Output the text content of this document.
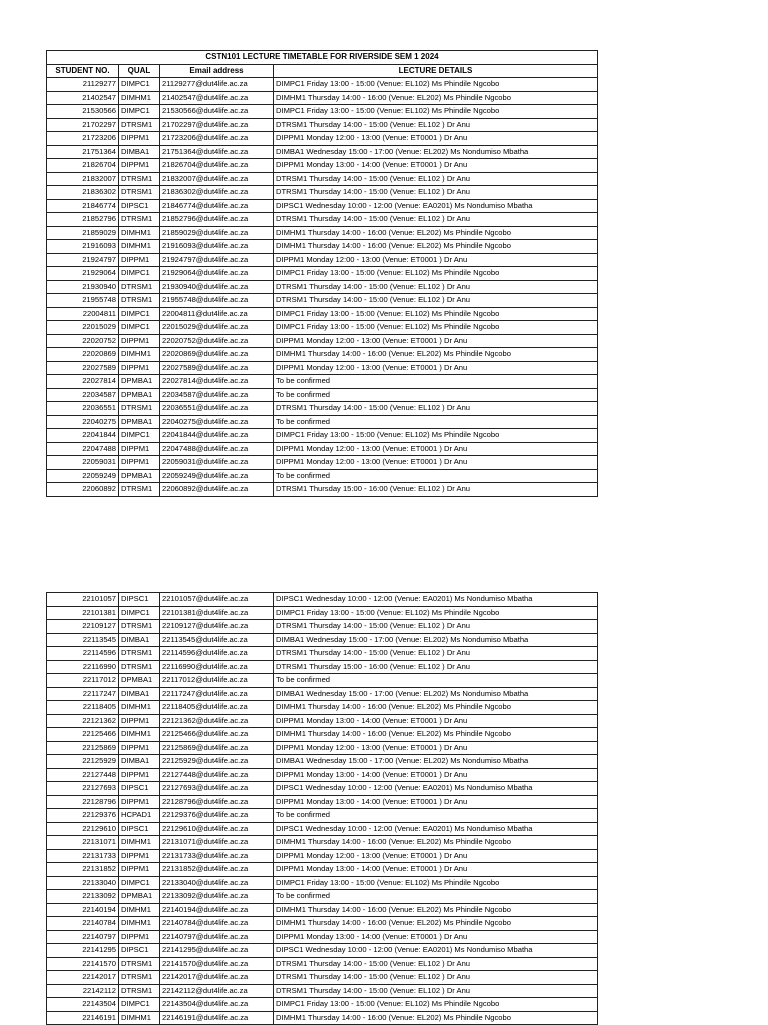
CSTN101 LECTURE TIMETABLE FOR RIVERSIDE SEM 1 2024			
STUDENT NO.	QUAL	Email address	LECTURE DETAILS
21129277	DIMPC1	21129277@dut4life.ac.za	DIMPC1 Friday 13:00 - 15:00 (Venue: EL102) Ms Phindile Ngcobo
21402547	DIMHM1	21402547@dut4life.ac.za	DIMHM1 Thursday 14:00 - 16:00 (Venue: EL202) Ms Phindile Ngcobo
21530566	DIMPC1	21530566@dut4life.ac.za	DIMPC1 Friday 13:00 - 15:00 (Venue: EL102) Ms Phindile Ngcobo
21702297	DTRSM1	21702297@dut4life.ac.za	DTRSM1 Thursday 14:00 - 15:00 (Venue: EL102 ) Dr Anu
21723206	DIPPM1	21723206@dut4life.ac.za	DIPPM1 Monday 12:00 - 13:00 (Venue: ET0001 ) Dr Anu
21751364	DIMBA1	21751364@dut4life.ac.za	DIMBA1 Wednesday 15:00 - 17:00 (Venue: EL202) Ms Nondumiso Mbatha
21826704	DIPPM1	21826704@dut4life.ac.za	DIPPM1 Monday 13:00 - 14:00 (Venue: ET0001 ) Dr Anu
21832007	DTRSM1	21832007@dut4life.ac.za	DTRSM1 Thursday 14:00 - 15:00 (Venue: EL102 ) Dr Anu
21836302	DTRSM1	21836302@dut4life.ac.za	DTRSM1 Thursday 14:00 - 15:00 (Venue: EL102 ) Dr Anu
21846774	DIPSC1	21846774@dut4life.ac.za	DIPSC1 Wednesday 10:00 - 12:00 (Venue: EA0201) Ms Nondumiso Mbatha
21852796	DTRSM1	21852796@dut4life.ac.za	DTRSM1 Thursday 14:00 - 15:00 (Venue: EL102 ) Dr Anu
21859029	DIMHM1	21859029@dut4life.ac.za	DIMHM1 Thursday 14:00 - 16:00 (Venue: EL202) Ms Phindile Ngcobo
21916093	DIMHM1	21916093@dut4life.ac.za	DIMHM1 Thursday 14:00 - 16:00 (Venue: EL202) Ms Phindile Ngcobo
21924797	DIPPM1	21924797@dut4life.ac.za	DIPPM1 Monday 12:00 - 13:00 (Venue: ET0001 ) Dr Anu
21929064	DIMPC1	21929064@dut4life.ac.za	DIMPC1 Friday 13:00 - 15:00 (Venue: EL102) Ms Phindile Ngcobo
21930940	DTRSM1	21930940@dut4life.ac.za	DTRSM1 Thursday 14:00 - 15:00 (Venue: EL102 ) Dr Anu
21955748	DTRSM1	21955748@dut4life.ac.za	DTRSM1 Thursday 14:00 - 15:00 (Venue: EL102 ) Dr Anu
22004811	DIMPC1	22004811@dut4life.ac.za	DIMPC1 Friday 13:00 - 15:00 (Venue: EL102) Ms Phindile Ngcobo
22015029	DIMPC1	22015029@dut4life.ac.za	DIMPC1 Friday 13:00 - 15:00 (Venue: EL102) Ms Phindile Ngcobo
22020752	DIPPM1	22020752@dut4life.ac.za	DIPPM1 Monday 12:00 - 13:00 (Venue: ET0001 ) Dr Anu
22020869	DIMHM1	22020869@dut4life.ac.za	DIMHM1 Thursday 14:00 - 16:00 (Venue: EL202) Ms Phindile Ngcobo
22027589	DIPPM1	22027589@dut4life.ac.za	DIPPM1 Monday 12:00 - 13:00 (Venue: ET0001 ) Dr Anu
22027814	DPMBA1	22027814@dut4life.ac.za	To be confirmed
22034587	DPMBA1	22034587@dut4life.ac.za	To be confirmed
22036551	DTRSM1	22036551@dut4life.ac.za	DTRSM1 Thursday 14:00 - 15:00 (Venue: EL102 ) Dr Anu
22040275	DPMBA1	22040275@dut4life.ac.za	To be confirmed
22041844	DIMPC1	22041844@dut4life.ac.za	DIMPC1 Friday 13:00 - 15:00 (Venue: EL102) Ms Phindile Ngcobo
22047488	DIPPM1	22047488@dut4life.ac.za	DIPPM1 Monday 12:00 - 13:00 (Venue: ET0001 ) Dr Anu
22059031	DIPPM1	22059031@dut4life.ac.za	DIPPM1 Monday 12:00 - 13:00 (Venue: ET0001 ) Dr Anu
22059249	DPMBA1	22059249@dut4life.ac.za	To be confirmed
22060892	DTRSM1	22060892@dut4life.ac.za	DTRSM1 Thursday 15:00 - 16:00 (Venue: EL102 ) Dr Anu
22101057	DIPSC1	22101057@dut4life.ac.za	DIPSC1 Wednesday 10:00 - 12:00 (Venue: EA0201) Ms Nondumiso Mbatha
22101381	DIMPC1	22101381@dut4life.ac.za	DIMPC1 Friday 13:00 - 15:00 (Venue: EL102) Ms Phindile Ngcobo
22109127	DTRSM1	22109127@dut4life.ac.za	DTRSM1 Thursday 14:00 - 15:00 (Venue: EL102 ) Dr Anu
22113545	DIMBA1	22113545@dut4life.ac.za	DIMBA1 Wednesday 15:00 - 17:00 (Venue: EL202) Ms Nondumiso Mbatha
22114596	DTRSM1	22114596@dut4life.ac.za	DTRSM1 Thursday 14:00 - 15:00 (Venue: EL102 ) Dr Anu
22116990	DTRSM1	22116990@dut4life.ac.za	DTRSM1 Thursday 15:00 - 16:00 (Venue: EL102 ) Dr Anu
22117012	DPMBA1	22117012@dut4life.ac.za	To be confirmed
22117247	DIMBA1	22117247@dut4life.ac.za	DIMBA1 Wednesday 15:00 - 17:00 (Venue: EL202) Ms Nondumiso Mbatha
22118405	DIMHM1	22118405@dut4life.ac.za	DIMHM1 Thursday 14:00 - 16:00 (Venue: EL202) Ms Phindile Ngcobo
22121362	DIPPM1	22121362@dut4life.ac.za	DIPPM1 Monday 13:00 - 14:00 (Venue: ET0001 ) Dr Anu
22125466	DIMHM1	22125466@dut4life.ac.za	DIMHM1 Thursday 14:00 - 16:00 (Venue: EL202) Ms Phindile Ngcobo
22125869	DIPPM1	22125869@dut4life.ac.za	DIPPM1 Monday 12:00 - 13:00 (Venue: ET0001 ) Dr Anu
22125929	DIMBA1	22125929@dut4life.ac.za	DIMBA1 Wednesday 15:00 - 17:00 (Venue: EL202) Ms Nondumiso Mbatha
22127448	DIPPM1	22127448@dut4life.ac.za	DIPPM1 Monday 13:00 - 14:00 (Venue: ET0001 ) Dr Anu
22127693	DIPSC1	22127693@dut4life.ac.za	DIPSC1 Wednesday 10:00 - 12:00 (Venue: EA0201) Ms Nondumiso Mbatha
22128796	DIPPM1	22128796@dut4life.ac.za	DIPPM1 Monday 13:00 - 14:00 (Venue: ET0001 ) Dr Anu
22129376	HCPAD1	22129376@dut4life.ac.za	To be confirmed
22129610	DIPSC1	22129610@dut4life.ac.za	DIPSC1 Wednesday 10:00 - 12:00 (Venue: EA0201) Ms Nondumiso Mbatha
22131071	DIMHM1	22131071@dut4life.ac.za	DIMHM1 Thursday 14:00 - 16:00 (Venue: EL202) Ms Phindile Ngcobo
22131733	DIPPM1	22131733@dut4life.ac.za	DIPPM1 Monday 12:00 - 13:00 (Venue: ET0001 ) Dr Anu
22131852	DIPPM1	22131852@dut4life.ac.za	DIPPM1 Monday 13:00 - 14:00 (Venue: ET0001 ) Dr Anu
22133040	DIMPC1	22133040@dut4life.ac.za	DIMPC1 Friday 13:00 - 15:00 (Venue: EL102) Ms Phindile Ngcobo
22133092	DPMBA1	22133092@dut4life.ac.za	To be confirmed
22140194	DIMHM1	22140194@dut4life.ac.za	DIMHM1 Thursday 14:00 - 16:00 (Venue: EL202) Ms Phindile Ngcobo
22140784	DIMHM1	22140784@dut4life.ac.za	DIMHM1 Thursday 14:00 - 16:00 (Venue: EL202) Ms Phindile Ngcobo
22140797	DIPPM1	22140797@dut4life.ac.za	DIPPM1 Monday 13:00 - 14:00 (Venue: ET0001 ) Dr Anu
22141295	DIPSC1	22141295@dut4life.ac.za	DIPSC1 Wednesday 10:00 - 12:00 (Venue: EA0201) Ms Nondumiso Mbatha
22141570	DTRSM1	22141570@dut4life.ac.za	DTRSM1 Thursday 14:00 - 15:00 (Venue: EL102 ) Dr Anu
22142017	DTRSM1	22142017@dut4life.ac.za	DTRSM1 Thursday 14:00 - 15:00 (Venue: EL102 ) Dr Anu
22142112	DTRSM1	22142112@dut4life.ac.za	DTRSM1 Thursday 14:00 - 15:00 (Venue: EL102 ) Dr Anu
22143504	DIMPC1	22143504@dut4life.ac.za	DIMPC1 Friday 13:00 - 15:00 (Venue: EL102) Ms Phindile Ngcobo
22146191	DIMHM1	22146191@dut4life.ac.za	DIMHM1 Thursday 14:00 - 16:00 (Venue: EL202) Ms Phindile Ngcobo
